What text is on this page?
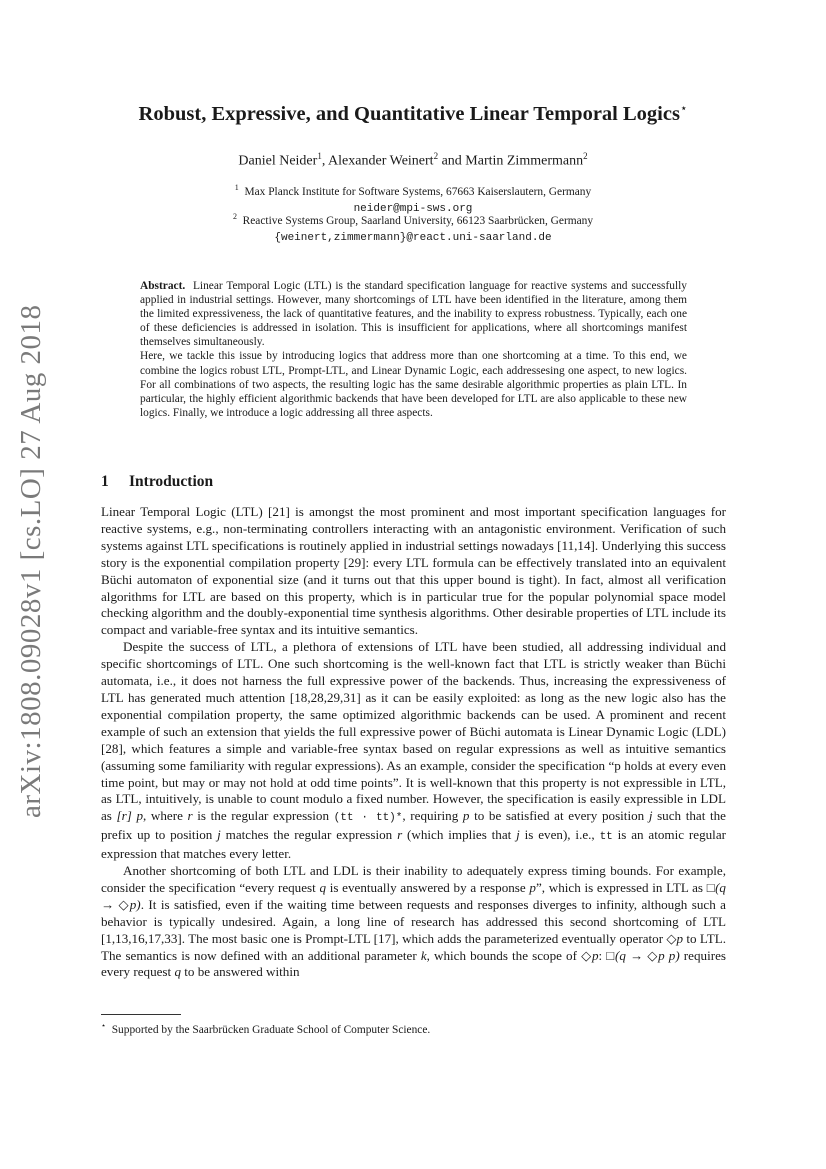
arXiv:1808.09028v1 [cs.LO] 27 Aug 2018
Robust, Expressive, and Quantitative Linear Temporal Logics⋆
Daniel Neider$^1$, Alexander Weinert$^2$ and Martin Zimmermann$^2$
$^1$ Max Planck Institute for Software Systems, 67663 Kaiserslautern, Germany
neider@mpi-sws.org
$^2$ Reactive Systems Group, Saarland University, 66123 Saarbrücken, Germany
{weinert,zimmermann}@react.uni-saarland.de

Abstract. Linear Temporal Logic (LTL) is the standard specification language for reactive systems and successfully applied in industrial settings. However, many shortcomings of LTL have been identified in the literature, among them the limited expressiveness, the lack of quantitative features, and the inability to express robustness. Typically, each one of these deficiencies is addressed in isolation. This is insufficient for applications, where all shortcomings manifest themselves simultaneously.

Here, we tackle this issue by introducing logics that address more than one shortcoming at a time. To this end, we combine the logics robust LTL, Prompt-LTL, and Linear Dynamic Logic, each addressesing one aspect, to new logics. For all combinations of two aspects, the resulting logic has the same desirable algorithmic properties as plain LTL. In particular, the highly efficient algorithmic backends that have been developed for LTL are also applicable to these new logics. Finally, we introduce a logic addressing all three aspects.

1 Introduction

Linear Temporal Logic (LTL) [21] is amongst the most prominent and most important specification languages for reactive systems, e.g., non-terminating controllers interacting with an antagonistic environment. Verification of such systems against LTL specifications is routinely applied in industrial settings nowadays [11,14]. Underlying this success story is the exponential compilation property [29]: every LTL formula can be effectively translated into an equivalent Büchi automaton of exponential size (and it turns out that this upper bound is tight). In fact, almost all verification algorithms for LTL are based on this property, which is in particular true for the popular polynomial space model checking algorithm and the doubly-exponential time synthesis algorithms. Other desirable properties of LTL include its compact and variable-free syntax and its intuitive semantics.

Despite the success of LTL, a plethora of extensions of LTL have been studied, all addressing individual and specific shortcomings of LTL. One such shortcoming is the well-known fact that LTL is strictly weaker than Büchi automata, i.e., it does not harness the full expressive power of the backends. Thus, increasing the expressiveness of LTL has generated much attention [18,28,29,31] as it can be easily exploited: as long as the new logic also has the exponential compilation property, the same optimized algorithmic backends can be used. A prominent and recent example of such an extension that yields the full expressive power of Büchi automata is Linear Dynamic Logic (LDL) [28], which features a simple and variable-free syntax based on regular expressions as well as intuitive semantics (assuming some familiarity with regular expressions). As an example, consider the specification “p holds at every even time point, but may or may not hold at odd time points”. It is well-known that this property is not expressible in LTL, as LTL, intuitively, is unable to count modulo a fixed number. However, the specification is easily expressible in LDL as [r] p, where r is the regular expression (tt · tt)*, requiring p to be satisfied at every position j such that the prefix up to position j matches the regular expression r (which implies that j is even), i.e., tt is an atomic regular expression that matches every letter.

Another shortcoming of both LTL and LDL is their inability to adequately express timing bounds. For example, consider the specification “every request q is eventually answered by a response p”, which is expressed in LTL as □(q → ◇p). It is satisfied, even if the waiting time between requests and responses diverges to infinity, although such a behavior is typically undesired. Again, a long line of research has addressed this second shortcoming of LTL [1,13,16,17,33]. The most basic one is Prompt-LTL [17], which adds the parameterized eventually operator ◇p to LTL. The semantics is now defined with an additional parameter k, which bounds the scope of ◇p: □(q → ◇p p) requires every request q to be answered within

⋆ Supported by the Saarbrücken Graduate School of Computer Science.
